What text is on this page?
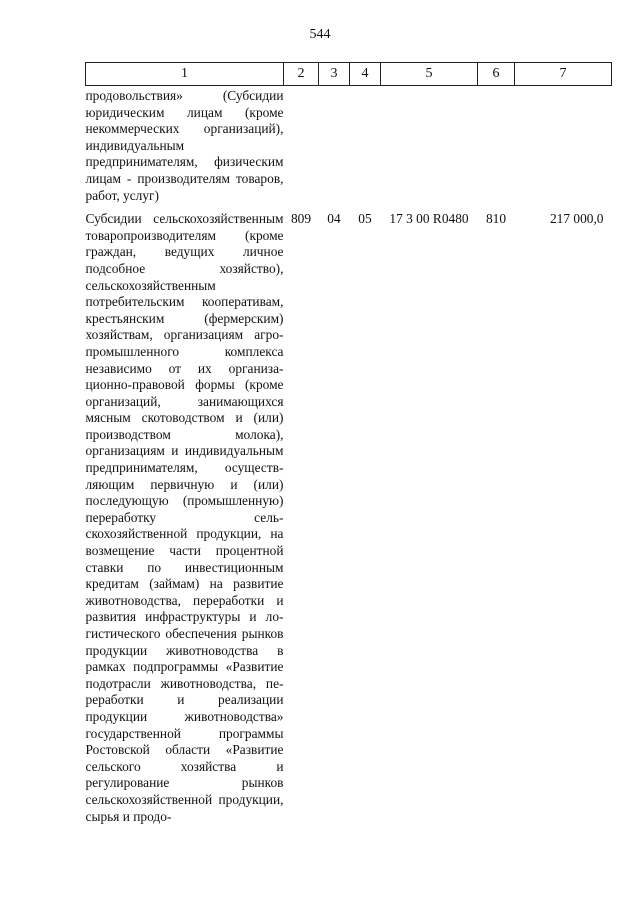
544
1	2	3	4	5	6	7
продовольствия» (Субсидии юридическим лицам (кроме некоммерческих организаций), индивидуальным предпринимателям, физическим лицам - производителям товаров, работ, услуг)						
Субсидии сельскохозяйственным товаропроизводителям (кроме граждан, ведущих личное подсобное хозяйство), сельскохозяйственным потребительским кооперативам, крестьянским (фермерским) хозяйствам, организациям агропромышленного комплекса независимо от их организационно-правовой формы (кроме организаций, занимающихся мясным скотоводством и (или) производством молока), организациям и индивидуальным предпринимателям, осуществляющим первичную и (или) последующую (промышленную) переработку сельскохозяйственной продукции, на возмещение части процентной ставки по инвестиционным кредитам (займам) на развитие животноводства, переработки и развития инфраструктуры и логистического обеспечения рынков продукции животноводства в рамках подпрограммы «Развитие подотрасли животноводства, переработки и реализации продукции животноводства» государственной программы Ростовской области «Развитие сельского хозяйства и регулирование рынков сельскохозяйственной продукции, сырья и продо-	809	04	05	17 3 00 R0480	810	217 000,0
